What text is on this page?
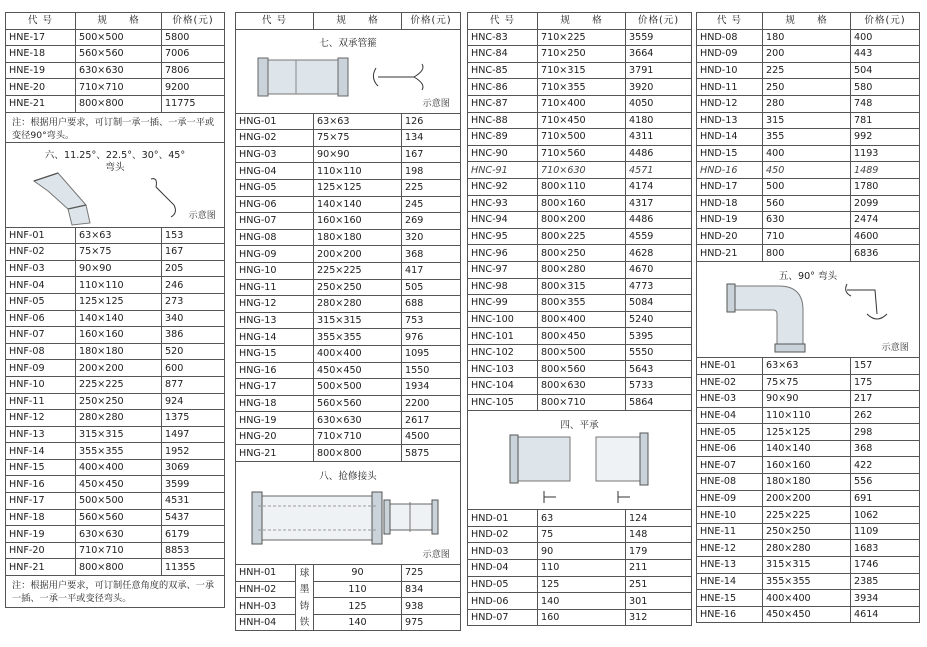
代 号	规　　格	价格(元)
HNE-17	500×500	5800
HNE-18	560×560	7006
HNE-19	630×630	7806
HNE-20	710×710	9200
HNE-21	800×800	11775
注：根据用户要求，可订制一承一插、一承一平或变径90°弯头。
六、11.25°、22.5°、30°、45°
弯头
示意图
HNF-01	63×63	153
HNF-02	75×75	167
HNF-03	90×90	205
HNF-04	110×110	246
HNF-05	125×125	273
HNF-06	140×140	340
HNF-07	160×160	386
HNF-08	180×180	520
HNF-09	200×200	600
HNF-10	225×225	877
HNF-11	250×250	924
HNF-12	280×280	1375
HNF-13	315×315	1497
HNF-14	355×355	1952
HNF-15	400×400	3069
HNF-16	450×450	3599
HNF-17	500×500	4531
HNF-18	560×560	5437
HNF-19	630×630	6179
HNF-20	710×710	8853
HNF-21	800×800	11355
注：根据用户要求，可订制任意角度的双承、一承一插、一承一平或变径弯头。
代 号	规　　格	价格(元)
七、双承管箍
示意图
HNG-01	63×63	126
HNG-02	75×75	134
HNG-03	90×90	167
HNG-04	110×110	198
HNG-05	125×125	225
HNG-06	140×140	245
HNG-07	160×160	269
HNG-08	180×180	320
HNG-09	200×200	368
HNG-10	225×225	417
HNG-11	250×250	505
HNG-12	280×280	688
HNG-13	315×315	753
HNG-14	355×355	976
HNG-15	400×400	1095
HNG-16	450×450	1550
HNG-17	500×500	1934
HNG-18	560×560	2200
HNG-19	630×630	2617
HNG-20	710×710	4500
HNG-21	800×800	5875
八、抢修接头
示意图
HNH-01	球	90	725
HNH-02	墨	110	834
HNH-03	铸	125	938
HNH-04	铁	140	975
代 号	规　　格	价格(元)
HNC-83	710×225	3559
HNC-84	710×250	3664
HNC-85	710×315	3791
HNC-86	710×355	3920
HNC-87	710×400	4050
HNC-88	710×450	4180
HNC-89	710×500	4311
HNC-90	710×560	4486
HNC-91	710×630	4571
HNC-92	800×110	4174
HNC-93	800×160	4317
HNC-94	800×200	4486
HNC-95	800×225	4559
HNC-96	800×250	4628
HNC-97	800×280	4670
HNC-98	800×315	4773
HNC-99	800×355	5084
HNC-100	800×400	5240
HNC-101	800×450	5395
HNC-102	800×500	5550
HNC-103	800×560	5643
HNC-104	800×630	5733
HNC-105	800×710	5864
四、平承
HND-01	63	124
HND-02	75	148
HND-03	90	179
HND-04	110	211
HND-05	125	251
HND-06	140	301
HND-07	160	312
代 号	规　　格	价格(元)
HND-08	180	400
HND-09	200	443
HND-10	225	504
HND-11	250	580
HND-12	280	748
HND-13	315	781
HND-14	355	992
HND-15	400	1193
HND-16	450	1489
HND-17	500	1780
HND-18	560	2099
HND-19	630	2474
HND-20	710	4600
HND-21	800	6836
五、90° 弯头
示意图
HNE-01	63×63	157
HNE-02	75×75	175
HNE-03	90×90	217
HNE-04	110×110	262
HNE-05	125×125	298
HNE-06	140×140	368
HNE-07	160×160	422
HNE-08	180×180	556
HNE-09	200×200	691
HNE-10	225×225	1062
HNE-11	250×250	1109
HNE-12	280×280	1683
HNE-13	315×315	1746
HNE-14	355×355	2385
HNE-15	400×400	3934
HNE-16	450×450	4614
